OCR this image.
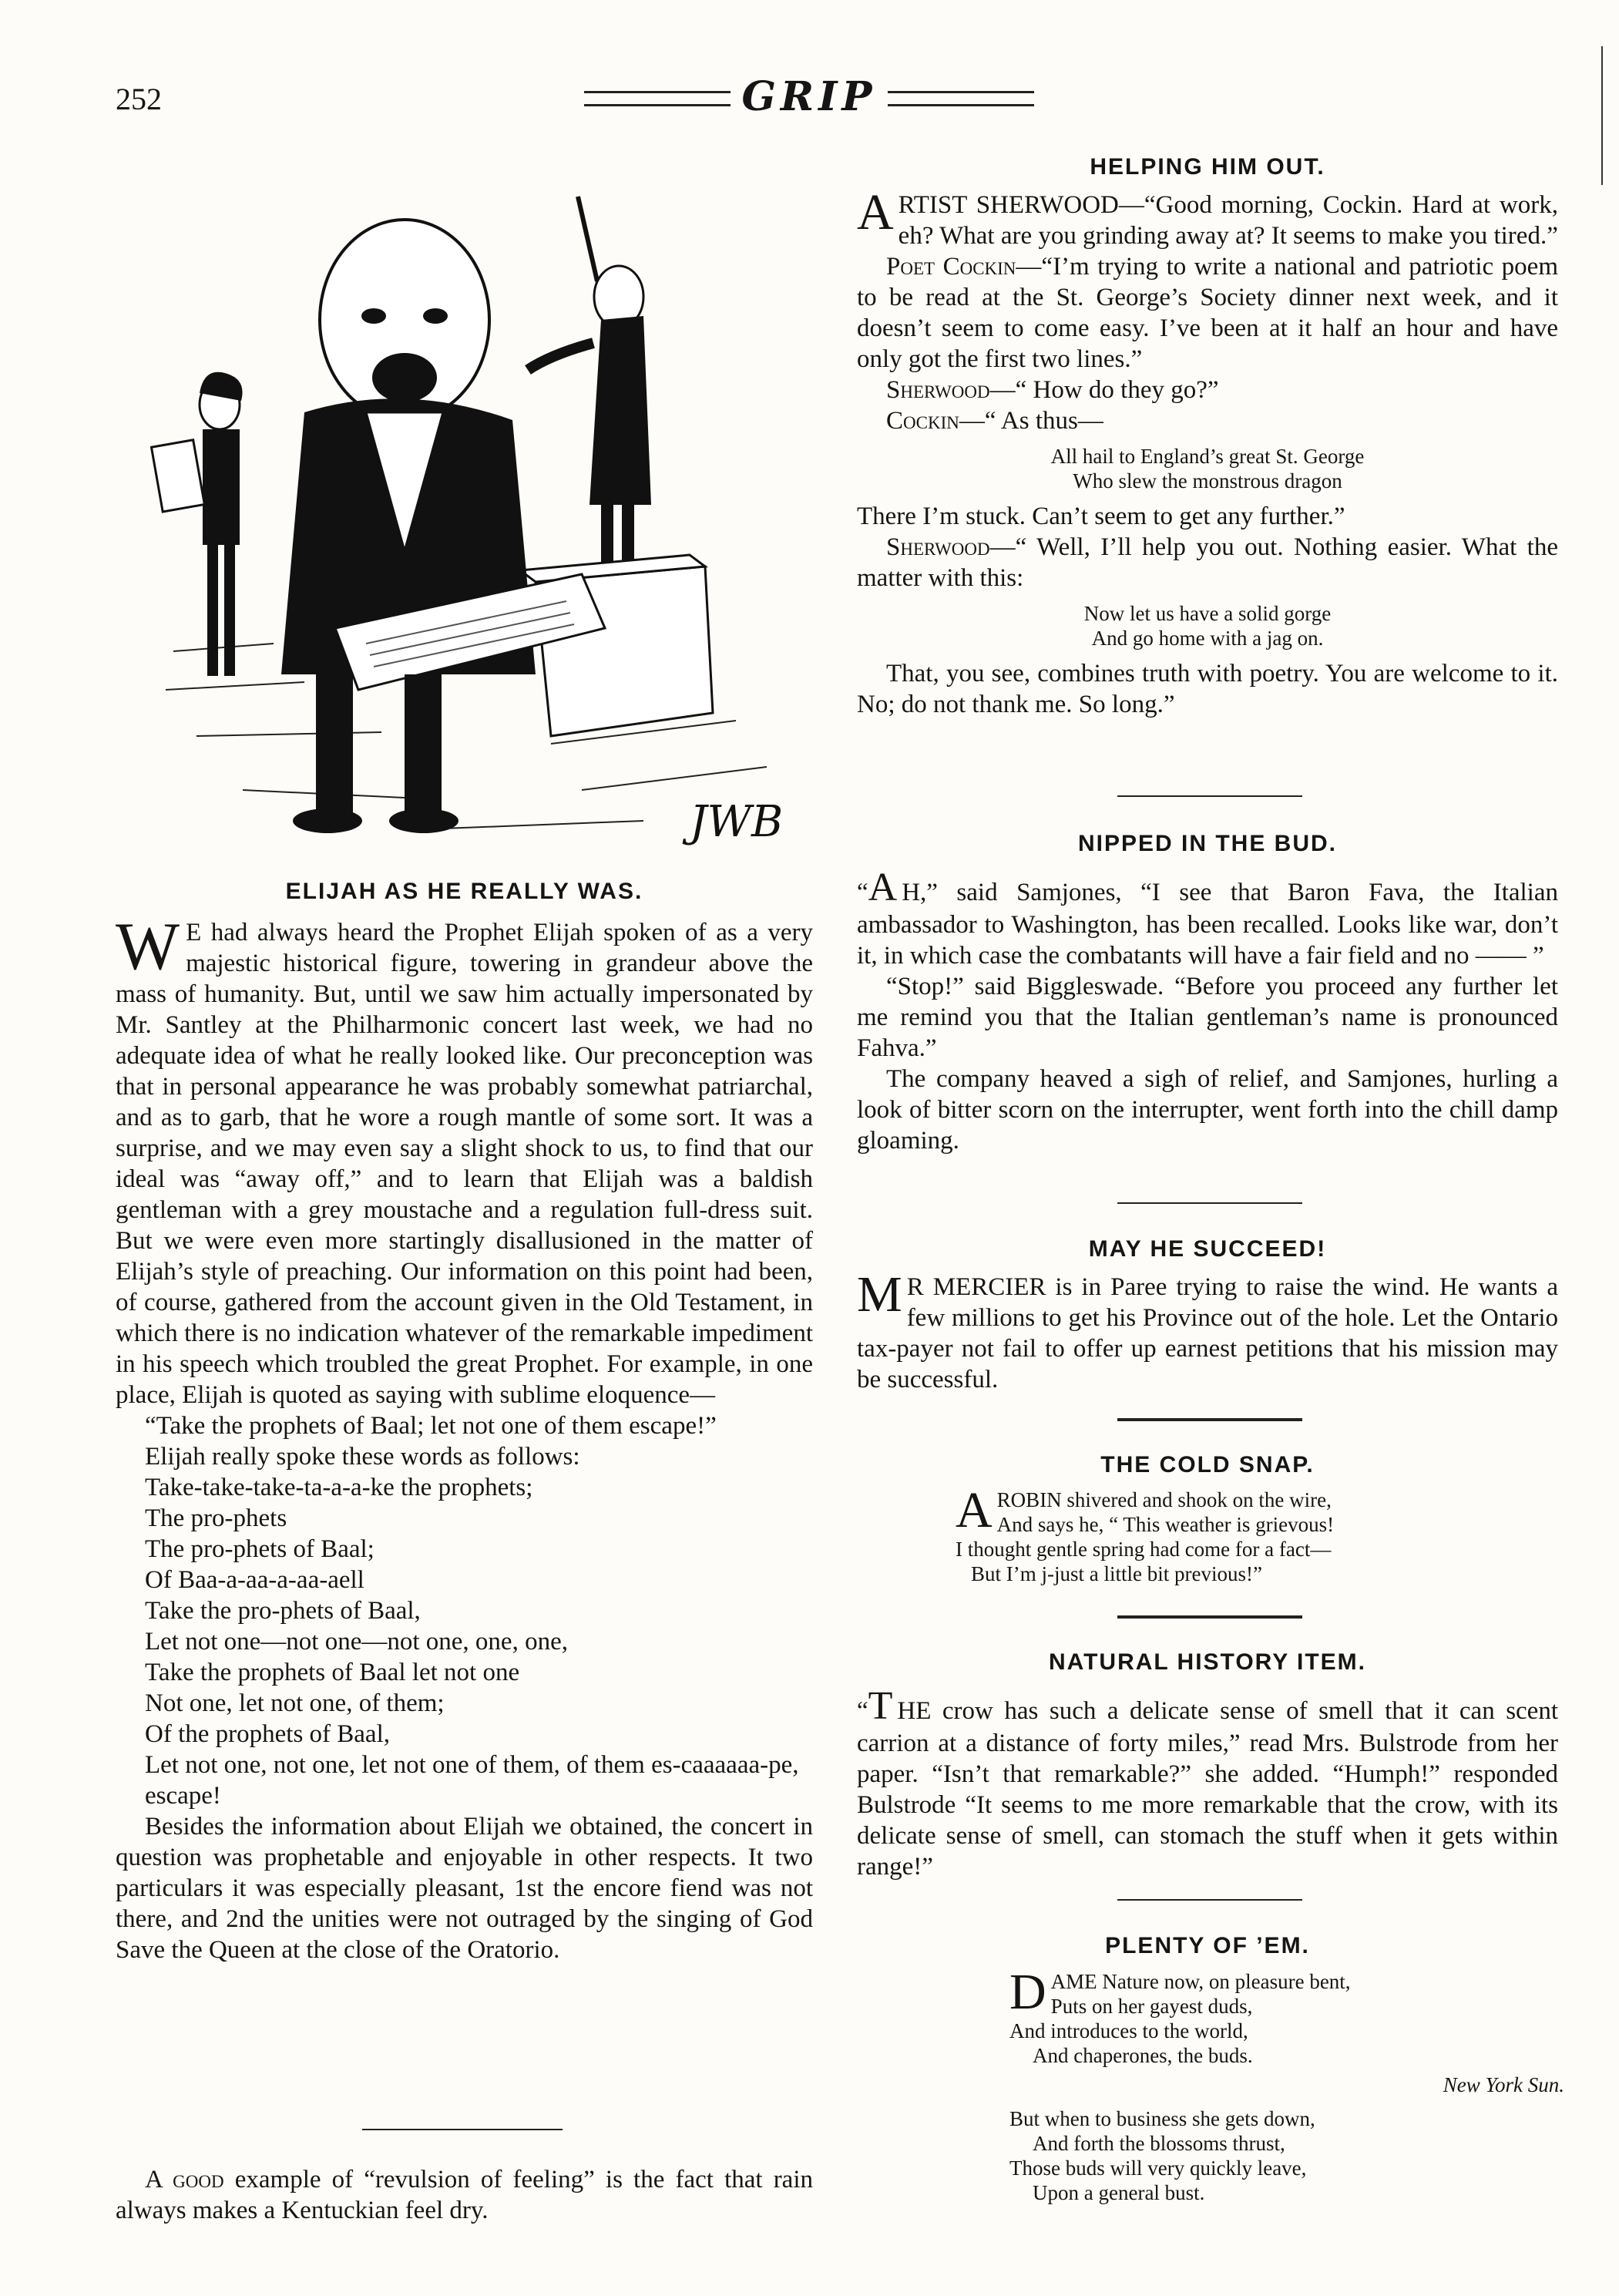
252	GRIP
JWB
ELIJAH AS HE REALLY WAS.

W E had always heard the Prophet Elijah spoken of as a very majestic historical figure, towering in grandeur above the mass of humanity. But, until we saw him actually impersonated by Mr. Santley at the Philharmonic concert last week, we had no adequate idea of what he really looked like. Our preconception was that in personal appearance he was probably somewhat patriarchal, and as to garb, that he wore a rough mantle of some sort. It was a surprise, and we may even say a slight shock to us, to find that our ideal was “away off,” and to learn that Elijah was a baldish gentleman with a grey moustache and a regulation full-dress suit. But we were even more startingly disallusioned in the matter of Elijah’s style of preaching. Our information on this point had been, of course, gathered from the account given in the Old Testament, in which there is no indication whatever of the remarkable impediment in his speech which troubled the great Prophet. For example, in one place, Elijah is quoted as saying with sublime eloquence—

“Take the prophets of Baal; let not one of them escape!”

Elijah really spoke these words as follows:

Take-take-take-ta-a-a-ke the prophets;
The pro-phets
The pro-phets of Baal;
Of Baa-a-aa-a-aa-aell
Take the pro-phets of Baal,
Let not one—not one—not one, one, one,
Take the prophets of Baal let not one
Not one, let not one, of them;
Of the prophets of Baal,
Let not one, not one, let not one of them, of them es-caaaaaa-pe, escape!

Besides the information about Elijah we obtained, the concert in question was prophetable and enjoyable in other respects. It two particulars it was especially pleasant, 1st the encore fiend was not there, and 2nd the unities were not outraged by the singing of God Save the Queen at the close of the Oratorio.

A good example of “revulsion of feeling” is the fact that rain always makes a Kentuckian feel dry.

HELPING HIM OUT.

ARTIST SHERWOOD—“Good morning, Cockin. Hard at work, eh? What are you grinding away at? It seems to make you tired.”

Poet Cockin—“I’m trying to write a national and patriotic poem to be read at the St. George’s Society dinner next week, and it doesn’t seem to come easy. I’ve been at it half an hour and have only got the first two lines.”

Sherwood—“ How do they go?”

Cockin—“ As thus—

All hail to England’s great St. George
Who slew the monstrous dragon

There I’m stuck. Can’t seem to get any further.”

Sherwood—“ Well, I’ll help you out. Nothing easier. What the matter with this:

Now let us have a solid gorge
And go home with a jag on.

That, you see, combines truth with poetry. You are welcome to it. No; do not thank me. So long.”

NIPPED IN THE BUD.

“A H,” said Samjones, “I see that Baron Fava, the Italian ambassador to Washington, has been recalled. Looks like war, don’t it, in which case the combatants will have a fair field and no —— ”

“Stop!” said Biggleswade. “Before you proceed any further let me remind you that the Italian gentleman’s name is pronounced Fahva.”

The company heaved a sigh of relief, and Samjones, hurling a look of bitter scorn on the interrupter, went forth into the chill damp gloaming.

MAY HE SUCCEED!

M R MERCIER is in Paree trying to raise the wind. He wants a few millions to get his Province out of the hole. Let the Ontario tax-payer not fail to offer up earnest petitions that his mission may be successful.

THE COLD SNAP.
A ROBIN shivered and shook on the wire,
And says he, “ This weather is grievous!
I thought gentle spring had come for a fact—
But I’m j-just a little bit previous!”
NATURAL HISTORY ITEM.

“T HE crow has such a delicate sense of smell that it can scent carrion at a distance of forty miles,” read Mrs. Bulstrode from her paper. “Isn’t that remarkable?” she added. “Humph!” responded Bulstrode “It seems to me more remarkable that the crow, with its delicate sense of smell, can stomach the stuff when it gets within range!”

PLENTY OF ’EM.
D AME Nature now, on pleasure bent,
Puts on her gayest duds,
And introduces to the world,
And chaperones, the buds.
New York Sun.
But when to business she gets down,
And forth the blossoms thrust,
Those buds will very quickly leave,
Upon a general bust.
